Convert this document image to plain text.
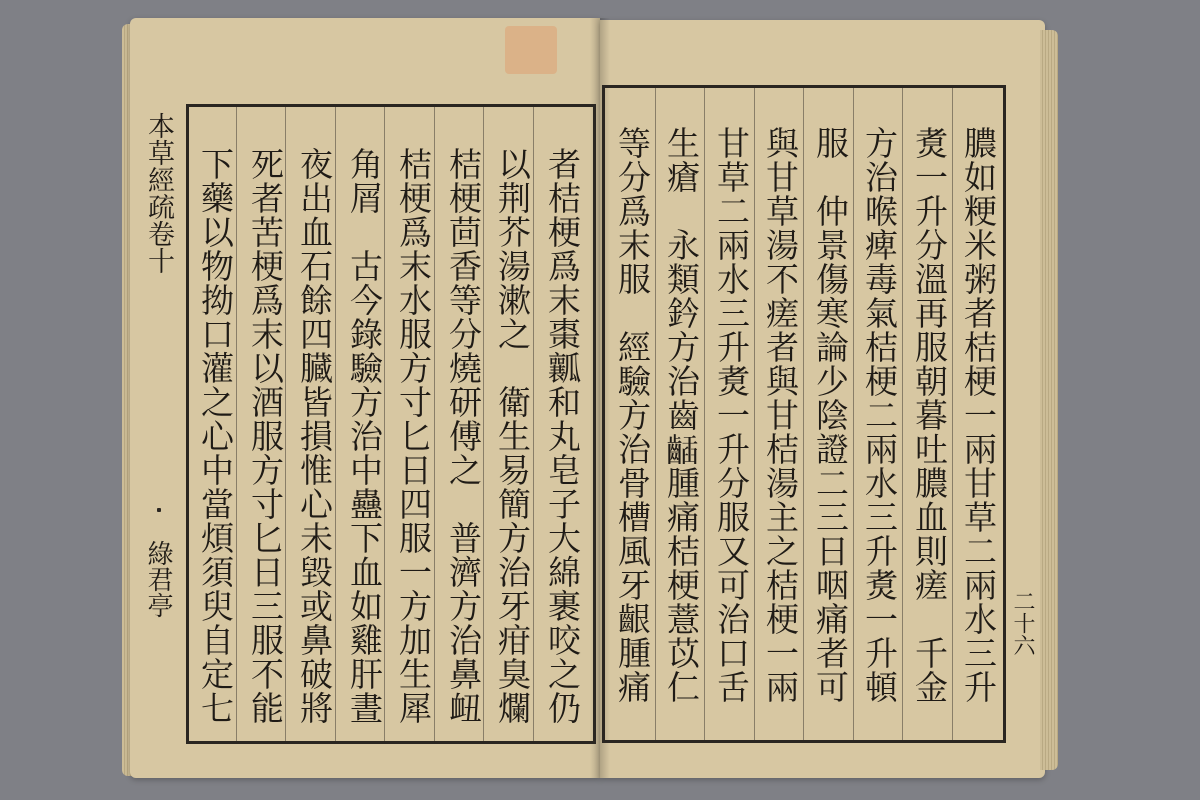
本草經疏卷十
綠君亭	者桔梗爲末棗瓤和丸皂子大綿裹咬之仍
以荆芥湯漱之　衛生易簡方治牙疳臭爛
桔梗茴香等分燒研傅之　普濟方治鼻衄
桔梗爲末水服方寸匕日四服一方加生犀
角屑　古今錄驗方治中蠱下血如雞肝晝
夜出血石餘四臓皆損惟心未毀或鼻破將
死者苦梗爲末以酒服方寸匕日三服不能
下藥以物拗口灌之心中當煩須臾自定七	膿如粳米粥者桔梗一兩甘草二兩水三升
煑一升分溫再服朝暮吐膿血則瘥　千金
方治喉痺毒氣桔梗二兩水三升煑一升頓
服　仲景傷寒論少陰證二三日咽痛者可
與甘草湯不瘥者與甘桔湯主之桔梗一兩
甘草二兩水三升煑一升分服又可治口舌
生瘡　永類鈐方治齒𪘾腫痛桔梗薏苡仁
等分爲末服　經驗方治骨槽風牙齦腫痛	二十六
